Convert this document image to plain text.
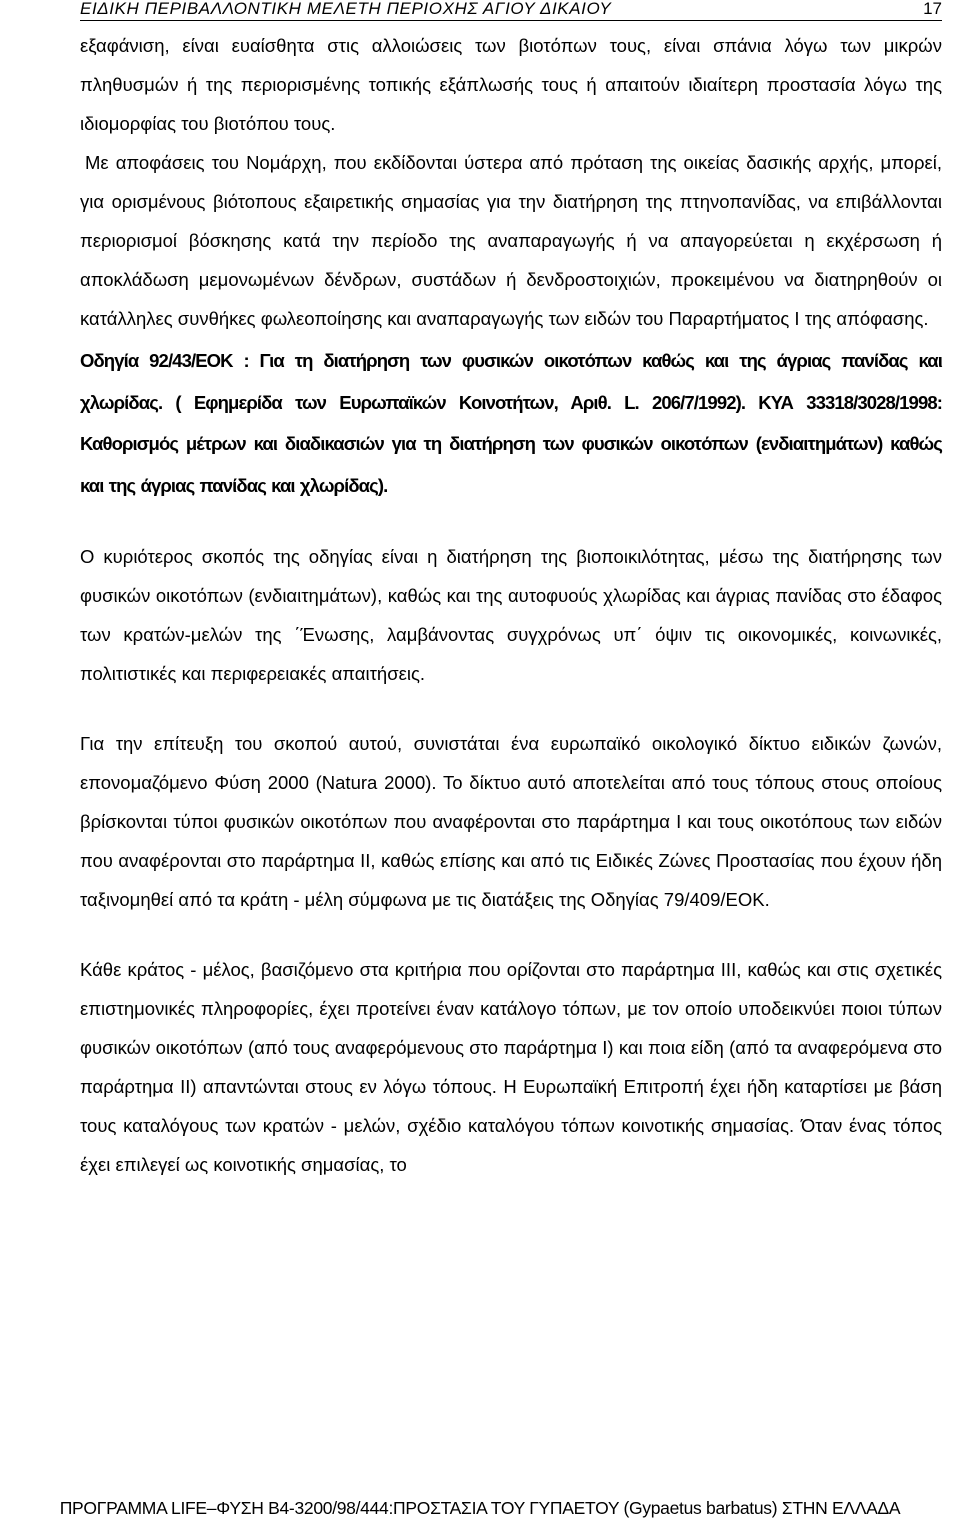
ΕΙΔΙΚΗ ΠΕΡΙΒΑΛΛΟΝΤΙΚΗ ΜΕΛΕΤΗ ΠΕΡΙΟΧΗΣ ΑΓΙΟΥ ΔΙΚΑΙΟΥ	17

εξαφάνιση, είναι ευαίσθητα στις αλλοιώσεις των βιοτόπων τους, είναι σπάνια λόγω των μικρών πληθυσμών ή της περιορισμένης τοπικής εξάπλωσής τους ή απαιτούν ιδιαίτερη προστασία λόγω της ιδιομορφίας του βιοτόπου τους.

Με αποφάσεις του Νομάρχη, που εκδίδονται ύστερα από πρόταση της οικείας δασικής αρχής, μπορεί, για ορισμένους βιότοπους εξαιρετικής σημασίας για την διατήρηση της πτηνοπανίδας, να επιβάλλονται περιορισμοί βόσκησης κατά την περίοδο της αναπαραγωγής ή να απαγορεύεται η εκχέρσωση ή αποκλάδωση μεμονωμένων δένδρων, συστάδων ή δενδροστοιχιών, προκειμένου να διατηρηθούν οι κατάλληλες συνθήκες φωλεοποίησης και αναπαραγωγής των ειδών του Παραρτήματος Ι της απόφασης.

Οδηγία 92/43/ΕΟΚ : Για τη διατήρηση των φυσικών οικοτόπων καθώς και της άγριας πανίδας και χλωρίδας. ( Εφημερίδα των Ευρωπαϊκών Κοινοτήτων, Αριθ. L. 206/7/1992). ΚΥΑ 33318/3028/1998: Καθορισμός μέτρων και διαδικασιών για τη διατήρηση των φυσικών οικοτόπων (ενδιαιτημάτων) καθώς και της άγριας πανίδας και χλωρίδας).

Ο κυριότερος σκοπός της οδηγίας είναι η διατήρηση της βιοποικιλότητας, μέσω της διατήρησης των φυσικών οικοτόπων (ενδιαιτημάτων), καθώς και της αυτοφυούς χλωρίδας και άγριας πανίδας στο έδαφος των κρατών-μελών της ΄Ένωσης, λαμβάνοντας συγχρόνως υπ΄ όψιν τις οικονομικές, κοινωνικές, πολιτιστικές και περιφερειακές απαιτήσεις.

Για την επίτευξη του σκοπού αυτού, συνιστάται ένα ευρωπαϊκό οικολογικό δίκτυο ειδικών ζωνών, επονομαζόμενο Φύση 2000 (Natura 2000). Το δίκτυο αυτό αποτελείται από τους τόπους στους οποίους βρίσκονται τύποι φυσικών οικοτόπων που αναφέρονται στο παράρτημα Ι και τους οικοτόπους των ειδών που αναφέρονται στο παράρτημα ΙΙ, καθώς επίσης και από τις Ειδικές Ζώνες Προστασίας που έχουν ήδη ταξινομηθεί από τα κράτη - μέλη σύμφωνα με τις διατάξεις της Οδηγίας 79/409/ΕΟΚ.

Κάθε κράτος - μέλος, βασιζόμενο στα κριτήρια που ορίζονται στο παράρτημα ΙΙΙ, καθώς και στις σχετικές επιστημονικές πληροφορίες, έχει προτείνει έναν κατάλογο τόπων, με τον οποίο υποδεικνύει ποιοι τύπων φυσικών οικοτόπων (από τους αναφερόμενους στο παράρτημα Ι) και ποια είδη (από τα αναφερόμενα στο παράρτημα ΙΙ) απαντώνται στους εν λόγω τόπους. Η Ευρωπαϊκή Επιτροπή έχει ήδη καταρτίσει με βάση τους καταλόγους των κρατών - μελών, σχέδιο καταλόγου τόπων κοινοτικής σημασίας. Όταν ένας τόπος έχει επιλεγεί ως κοινοτικής σημασίας, το

ΠΡΟΓΡΑΜΜΑ LIFE–ΦΥΣΗ B4-3200/98/444:ΠΡΟΣΤΑΣΙΑ ΤΟΥ ΓΥΠΑΕΤΟΥ (Gypaetus barbatus) ΣΤΗΝ ΕΛΛΑΔΑ
